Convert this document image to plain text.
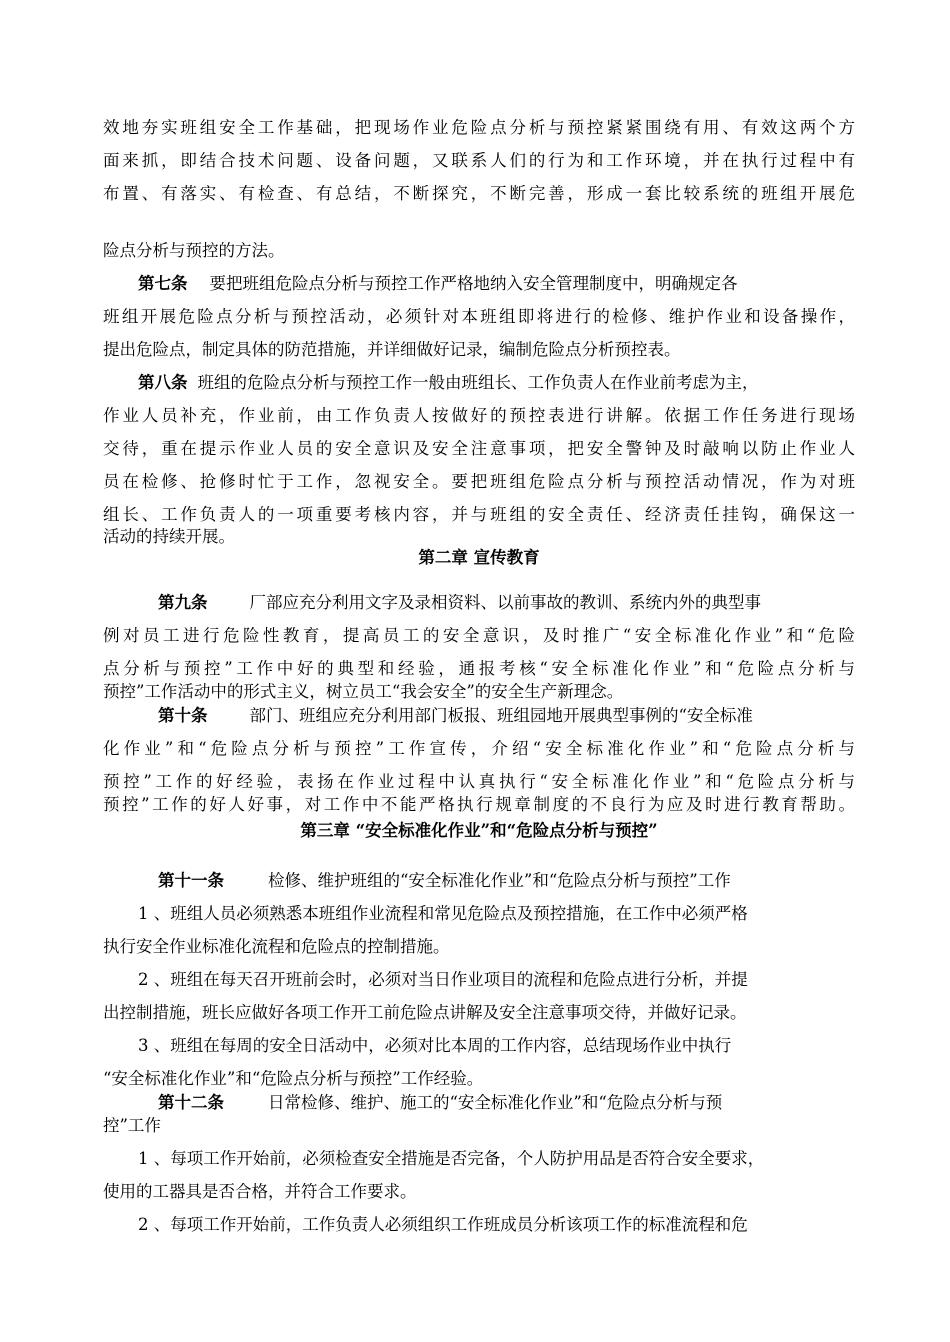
效地夯实班组安全工作基础，把现场作业危险点分析与预控紧紧围绕有用、有效这两个方
面来抓，即结合技术问题、设备问题，又联系人们的行为和工作环境，并在执行过程中有
布置、有落实、有检查、有总结，不断探究，不断完善，形成一套比较系统的班组开展危
险点分析与预控的方法。
第七条 要把班组危险点分析与预控工作严格地纳入安全管理制度中，明确规定各
班组开展危险点分析与预控活动，必须针对本班组即将进行的检修、维护作业和设备操作，
提出危险点，制定具体的防范措施，并详细做好记录，编制危险点分析预控表。
第八条 班组的危险点分析与预控工作一般由班组长、工作负责人在作业前考虑为主，
作业人员补充，作业前，由工作负责人按做好的预控表进行讲解。依据工作任务进行现场
交待，重在提示作业人员的安全意识及安全注意事项，把安全警钟及时敲响以防止作业人
员在检修、抢修时忙于工作，忽视安全。要把班组危险点分析与预控活动情况，作为对班
组长、工作负责人的一项重要考核内容，并与班组的安全责任、经济责任挂钩，确保这一
活动的持续开展。
第二章 宣传教育
第九条	厂部应充分利用文字及录相资料、以前事故的教训、系统内外的典型事
例对员工进行危险性教育，提高员工的安全意识，及时推广“安全标准化作业”和“危险
点分析与预控”工作中好的典型和经验，通报考核“安全标准化作业”和“危险点分析与
预控”工作活动中的形式主义，树立员工“我会安全”的安全生产新理念。
第十条	部门、班组应充分利用部门板报、班组园地开展典型事例的“安全标准
化作业”和“危险点分析与预控”工作宣传，介绍“安全标准化作业”和“危险点分析与
预控”工作的好经验，表扬在作业过程中认真执行“安全标准化作业”和“危险点分析与
预控”工作的好人好事，对工作中不能严格执行规章制度的不良行为应及时进行教育帮助。
第三章 “安全标准化作业”和“危险点分析与预控”
第十一条	检修、维护班组的“安全标准化作业”和“危险点分析与预控”工作
1 、班组人员必须熟悉本班组作业流程和常见危险点及预控措施，在工作中必须严格
执行安全作业标准化流程和危险点的控制措施。
2 、班组在每天召开班前会时，必须对当日作业项目的流程和危险点进行分析，并提
出控制措施，班长应做好各项工作开工前危险点讲解及安全注意事项交待，并做好记录。
3 、班组在每周的安全日活动中，必须对比本周的工作内容，总结现场作业中执行
“安全标准化作业”和“危险点分析与预控”工作经验。
第十二条	日常检修、维护、施工的“安全标准化作业”和“危险点分析与预
控”工作
1 、每项工作开始前，必须检查安全措施是否完备，个人防护用品是否符合安全要求，
使用的工器具是否合格，并符合工作要求。
2 、每项工作开始前，工作负责人必须组织工作班成员分析该项工作的标准流程和危
